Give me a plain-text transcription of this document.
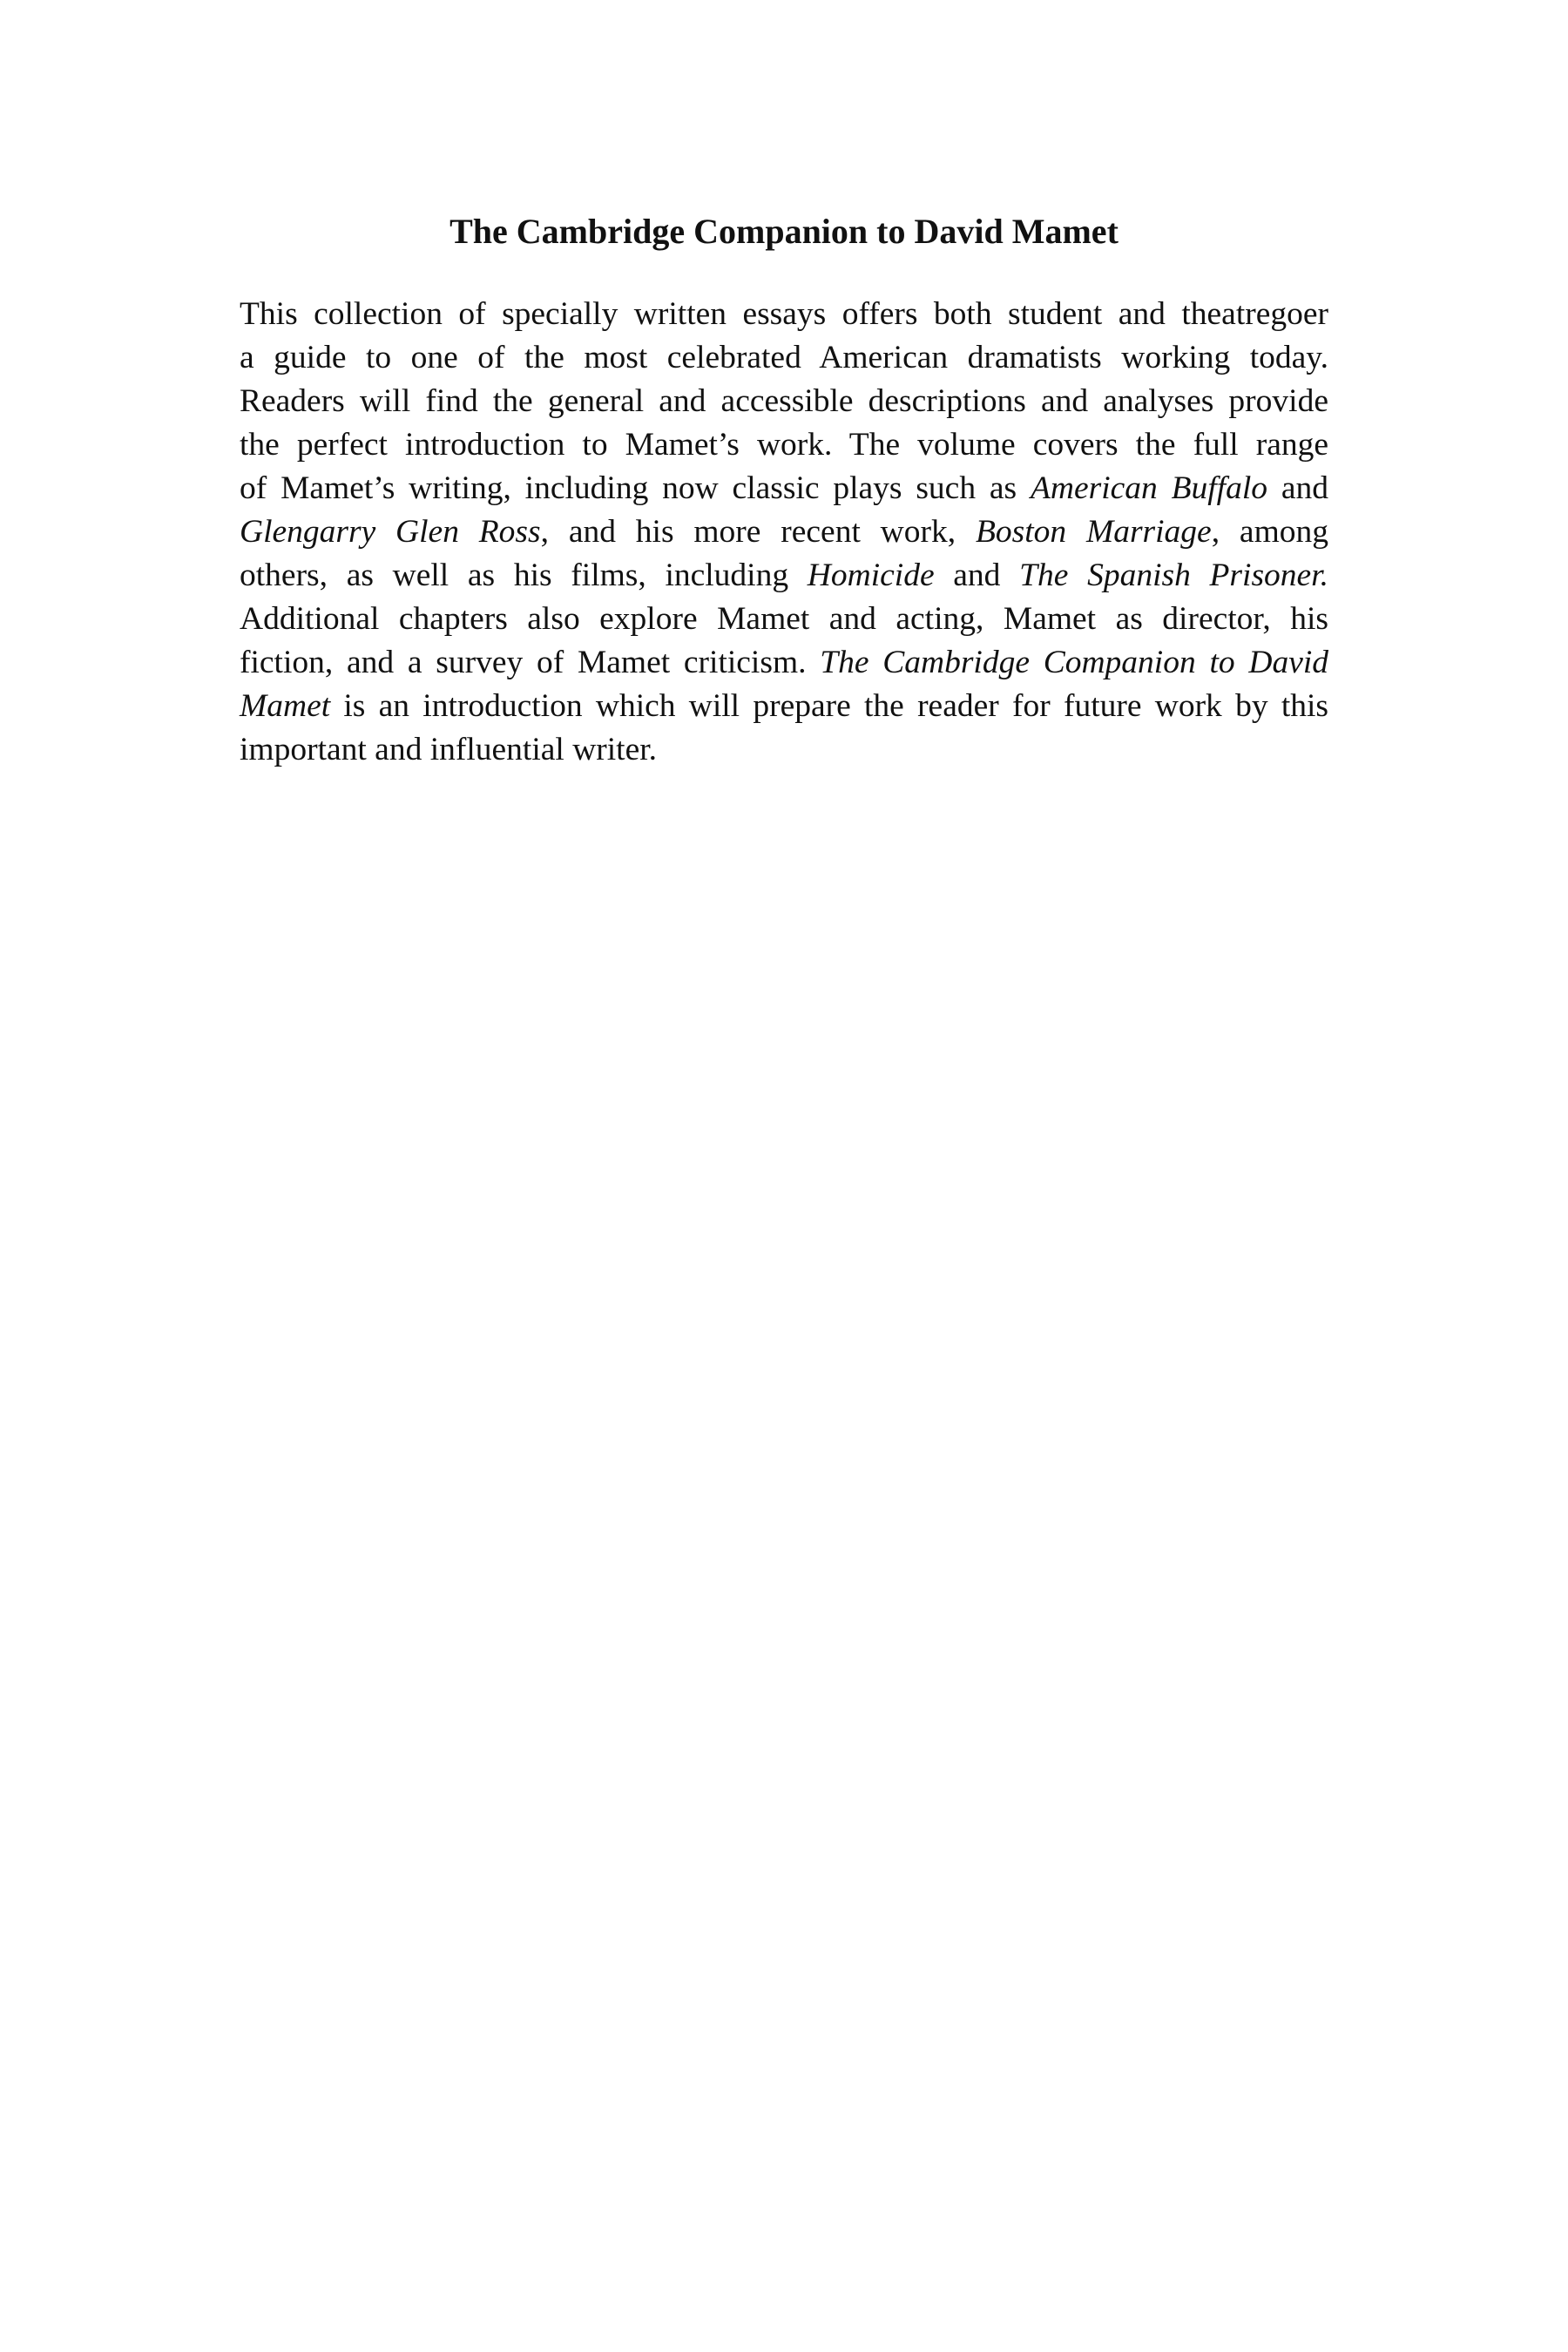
The Cambridge Companion to David Mamet
This collection of specially written essays offers both student and theatregoer
a guide to one of the most celebrated American dramatists working today.
Readers will find the general and accessible descriptions and analyses provide
the perfect introduction to Mamet’s work. The volume covers the full range
of Mamet’s writing, including now classic plays such as American Buffalo and
Glengarry Glen Ross, and his more recent work, Boston Marriage, among
others, as well as his films, including Homicide and The Spanish Prisoner.
Additional chapters also explore Mamet and acting, Mamet as director, his
fiction, and a survey of Mamet criticism. The Cambridge Companion to David
Mamet is an introduction which will prepare the reader for future work by this
important and influential writer.
